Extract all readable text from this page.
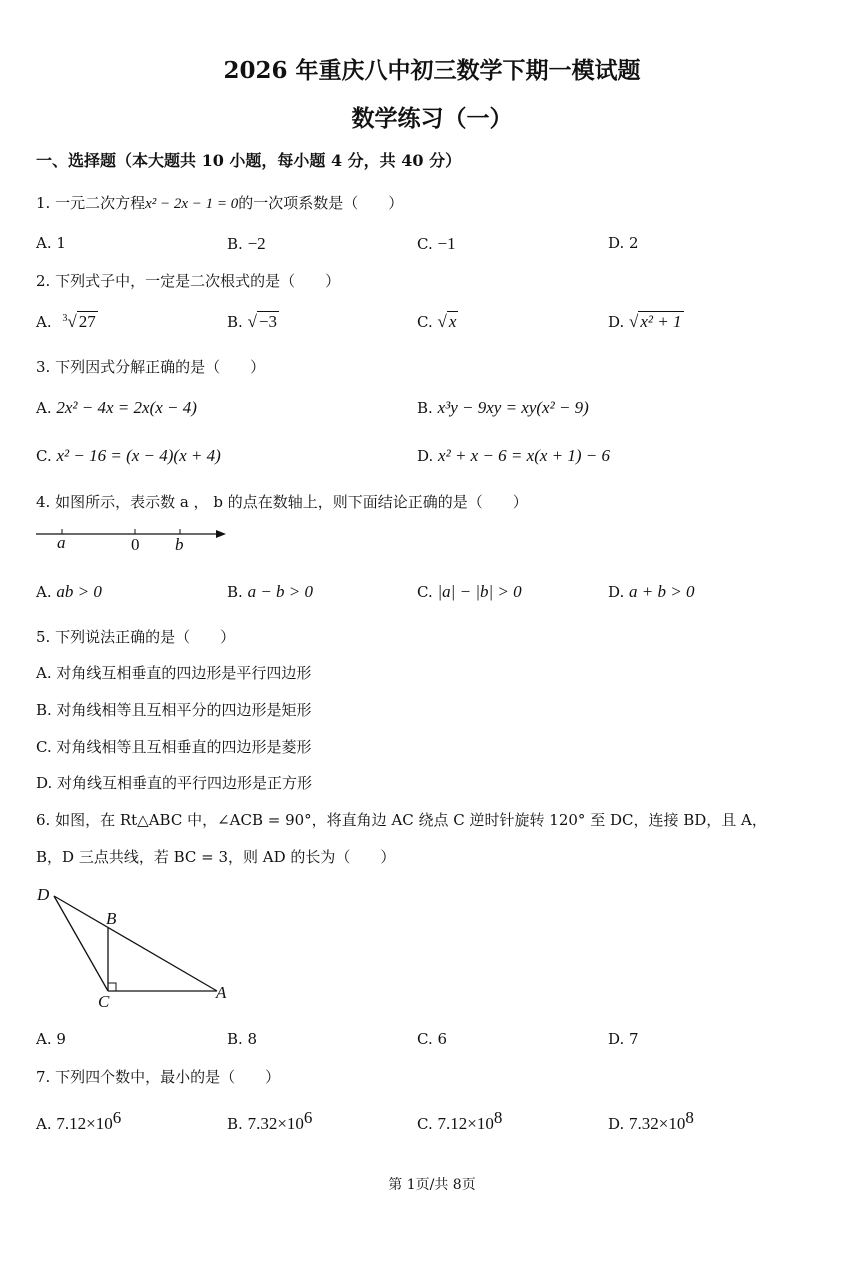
2026 年重庆八中初三数学下期一模试题
数学练习（一）
一、选择题（本大题共 10 小题，每小题 4 分，共 40 分）
1. 一元二次方程x² − 2x − 1 = 0的一次项系数是（　　）
A. 1	B. −2	C. −1	D. 2
2. 下列式子中，一定是二次根式的是（　　）
A. $^3$√ 27	B. √ −3	C. √ x	D. √ x² + 1
3. 下列因式分解正确的是（　　）
A. 2x² − 4x = 2x(x − 4)	B. x³y − 9xy = xy(x² − 9)
C. x² − 16 = (x − 4)(x + 4)	D. x² + x − 6 = x(x + 1) − 6
4. 如图所示，表示数 a ， b 的点在数轴上，则下面结论正确的是（　　）
a	0 b
A. ab > 0	B. a − b > 0	C. |a| − |b| > 0	D. a + b > 0
5. 下列说法正确的是（　　）
A. 对角线互相垂直的四边形是平行四边形
B. 对角线相等且互相平分的四边形是矩形
C. 对角线相等且互相垂直的四边形是菱形
D. 对角线互相垂直的平行四边形是正方形
6. 如图，在 Rt△ABC 中，∠ACB = 90°，将直角边 AC 绕点 C 逆时针旋转 120° 至 DC，连接 BD，且 A，
B，D 三点共线，若 BC = 3，则 AD 的长为（　　）
D
B
C	A
A. 9	B. 8	C. 6	D. 7
7. 下列四个数中，最小的是（　　）
A. $7.12\times 10^6$	B. $7.32\times 10^6$	C. $7.12\times 10^8$	D. $7.32\times 10^8$
第 1页/共 8页
